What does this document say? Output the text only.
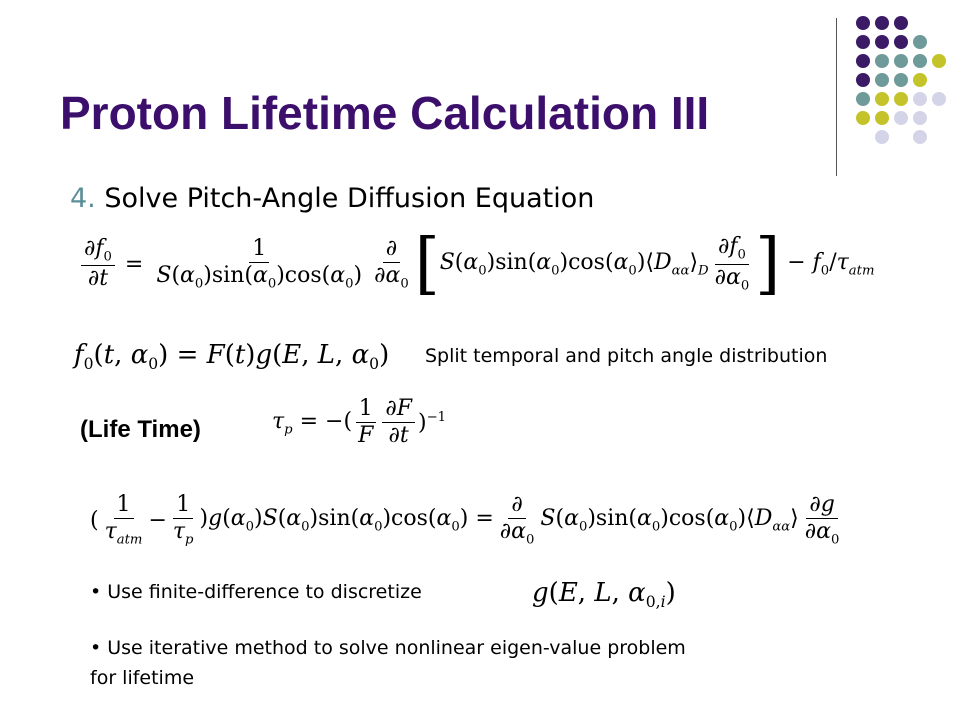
Proton Lifetime Calculation III
4. Solve Pitch-Angle Diffusion Equation
$\frac{\partial f_0}{\partial t} = \frac{1}{S(\alpha_0)\sin(\alpha_0)\cos(\alpha_0)} \frac{\partial}{\partial\alpha_0}$ [ $S(\alpha_0)\sin(\alpha_0)\cos(\alpha_0)⟨D_{\alpha\alpha}⟩_D \frac{\partial f_0}{\partial\alpha_0}$ ] − $f_0/\tau_{atm}$
$f_0(t$, $\alpha_0) = F(t)g(E$, L, $\alpha_0$) Split temporal and pitch angle distribution
(Life Time)	$\tau_p$ = −( $\frac{1}{F} \frac{\partial F}{\partial t} )^{-1}$
( $\frac{1}{\tau_{atm}} - \frac{1}{\tau_p} )g(\alpha_0)S(\alpha_0)\sin(\alpha_0)\cos(\alpha_0) = \frac{\partial}{\partial\alpha_0}$ $S(\alpha_0)\sin(\alpha_0)\cos(\alpha_0)⟨D_{\alpha\alpha}⟩ \frac{\partial g}{\partial\alpha_0}$
• Use finite-difference to discretize	g(E, L, $\alpha_{0,i}$)
• Use iterative method to solve nonlinear eigen-value problem
for lifetime
